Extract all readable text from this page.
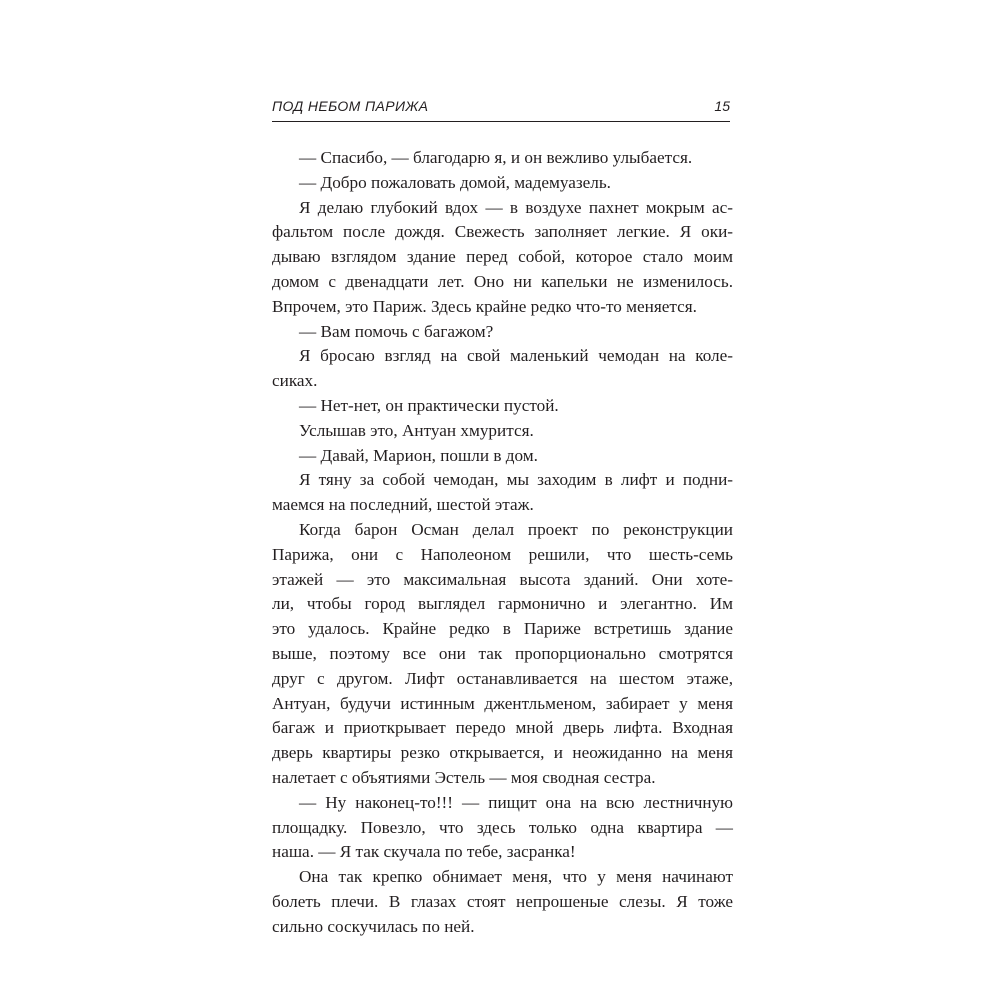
ПОД НЕБОМ ПАРИЖА	15

— Спасибо, — благодарю я, и он вежливо улыбается.

— Добро пожаловать домой, мадемуазель.

Я делаю глубокий вдох — в воздухе пахнет мокрым ас-
фальтом после дождя. Свежесть заполняет легкие. Я оки-
дываю взглядом здание перед собой, которое стало моим
домом с двенадцати лет. Оно ни капельки не изменилось.
Впрочем, это Париж. Здесь крайне редко что-то меняется.

— Вам помочь с багажом?

Я бросаю взгляд на свой маленький чемодан на коле-
сиках.

— Нет-нет, он практически пустой.

Услышав это, Антуан хмурится.

— Давай, Марион, пошли в дом.

Я тяну за собой чемодан, мы заходим в лифт и подни-
маемся на последний, шестой этаж.

Когда барон Осман делал проект по реконструкции
Парижа, они с Наполеоном решили, что шесть-семь
этажей — это максимальная высота зданий. Они хоте-
ли, чтобы город выглядел гармонично и элегантно. Им
это удалось. Крайне редко в Париже встретишь здание
выше, поэтому все они так пропорционально смотрятся
друг с другом. Лифт останавливается на шестом этаже,
Антуан, будучи истинным джентльменом, забирает у меня
багаж и приоткрывает передо мной дверь лифта. Входная
дверь квартиры резко открывается, и неожиданно на меня
налетает с объятиями Эстель — моя сводная сестра.

— Ну наконец-то!!! — пищит она на всю лестничную
площадку. Повезло, что здесь только одна квартира —
наша. — Я так скучала по тебе, засранка!

Она так крепко обнимает меня, что у меня начинают
болеть плечи. В глазах стоят непрошеные слезы. Я тоже
сильно соскучилась по ней.
